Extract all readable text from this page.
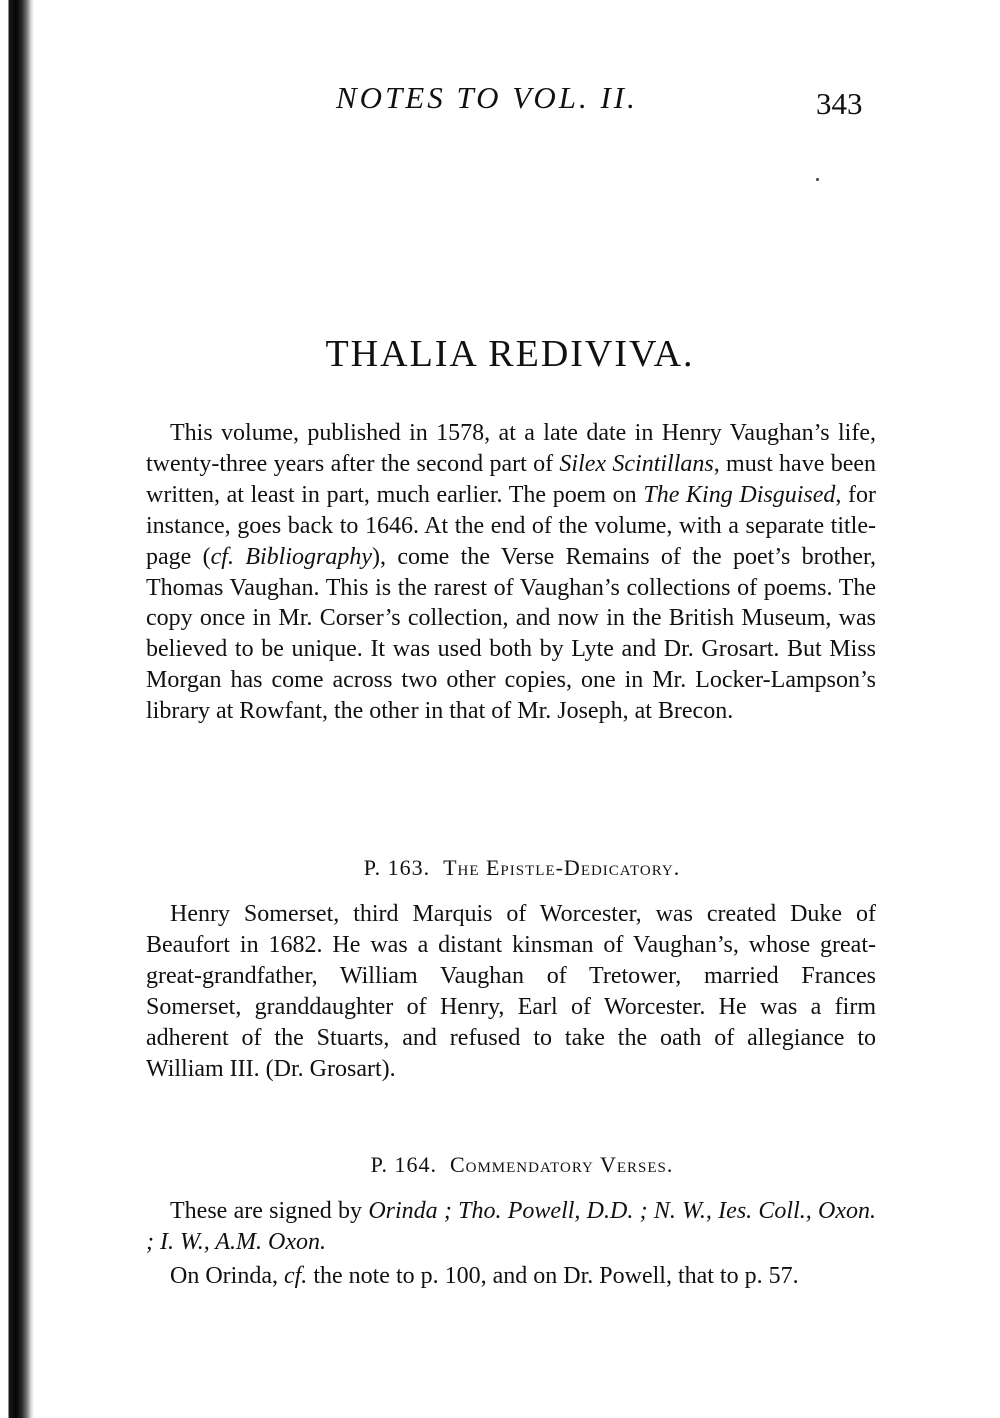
NOTES TO VOL. II.	343
THALIA REDIVIVA.

This volume, published in 1578, at a late date in Henry Vaughan’s life, twenty-three years after the second part of Silex Scintillans, must have been written, at least in part, much earlier. The poem on The King Disguised, for instance, goes back to 1646. At the end of the volume, with a separate title-page (cf. Bibliography), come the Verse Remains of the poet’s brother, Thomas Vaughan. This is the rarest of Vaughan’s collections of poems. The copy once in Mr. Corser’s collection, and now in the British Museum, was believed to be unique. It was used both by Lyte and Dr. Grosart. But Miss Morgan has come across two other copies, one in Mr. Locker-Lampson’s library at Rowfant, the other in that of Mr. Joseph, at Brecon.

P. 163. The Epistle-Dedicatory.

Henry Somerset, third Marquis of Worcester, was created Duke of Beaufort in 1682. He was a distant kinsman of Vaughan’s, whose great-great-grandfather, William Vaughan of Tretower, married Frances Somerset, granddaughter of Henry, Earl of Worcester. He was a firm adherent of the Stuarts, and refused to take the oath of allegiance to William III. (Dr. Grosart).

P. 164. Commendatory Verses.

These are signed by Orinda ; Tho. Powell, D.D. ; N. W., Ies. Coll., Oxon. ; I. W., A.M. Oxon.

On Orinda, cf. the note to p. 100, and on Dr. Powell, that to p. 57.
